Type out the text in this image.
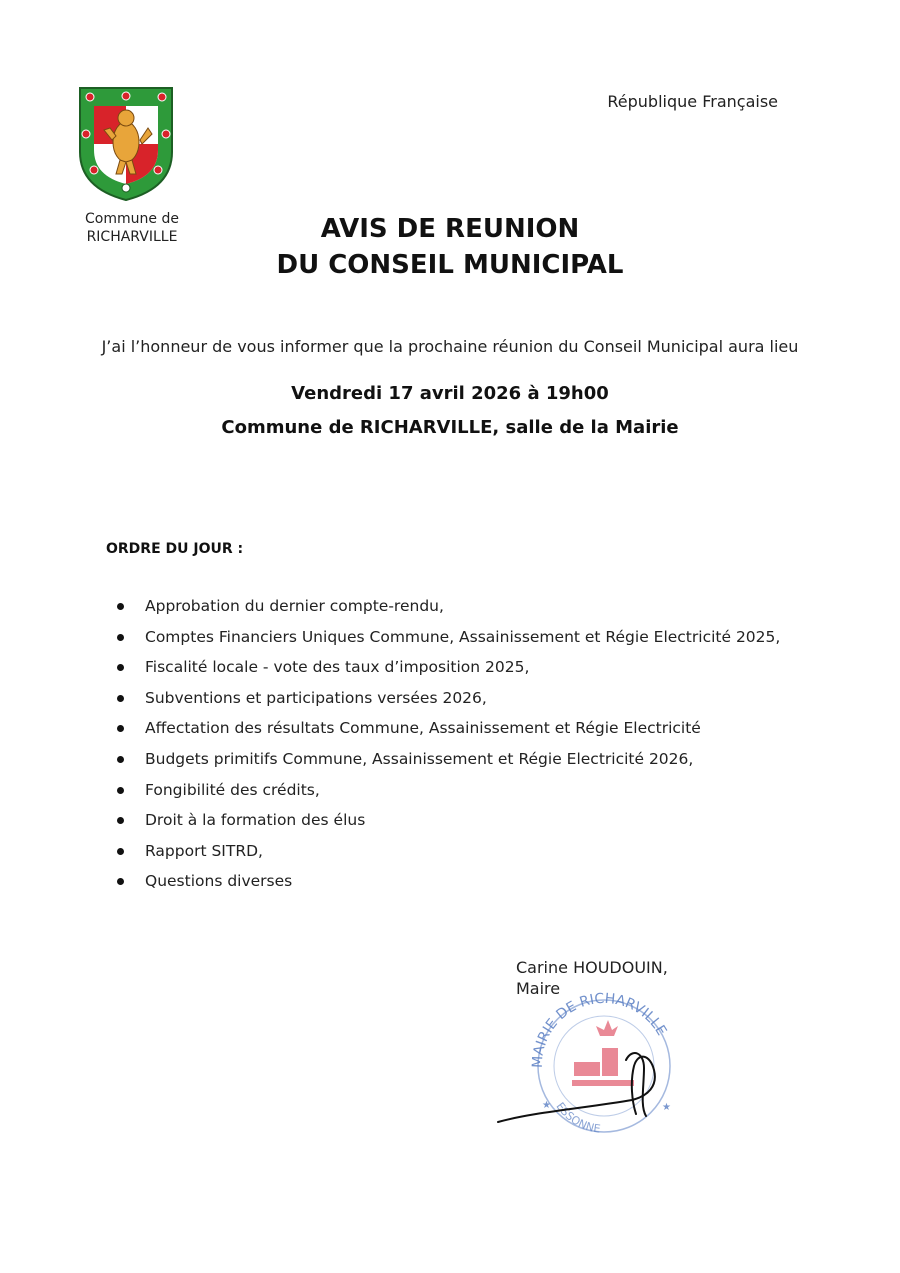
République Française
Commune de
RICHARVILLE	AVIS DE REUNION
DU CONSEIL MUNICIPAL
J’ai l’honneur de vous informer que la prochaine réunion du Conseil Municipal aura lieu
Vendredi 17 avril 2026 à 19h00
Commune de RICHARVILLE, salle de la Mairie
ORDRE DU JOUR :
Approbation du dernier compte-rendu,
Comptes Financiers Uniques Commune, Assainissement et Régie Electricité 2025,
Fiscalité locale - vote des taux d’imposition 2025,
Subventions et participations versées 2026,
Affectation des résultats Commune, Assainissement et Régie Electricité
Budgets primitifs Commune, Assainissement et Régie Electricité 2026,
Fongibilité des crédits,
Droit à la formation des élus
Rapport SITRD,
Questions diverses
MAIRIE DE RICHARVILLE
ESSONNE
★	★
Carine HOUDOUIN,
Maire
